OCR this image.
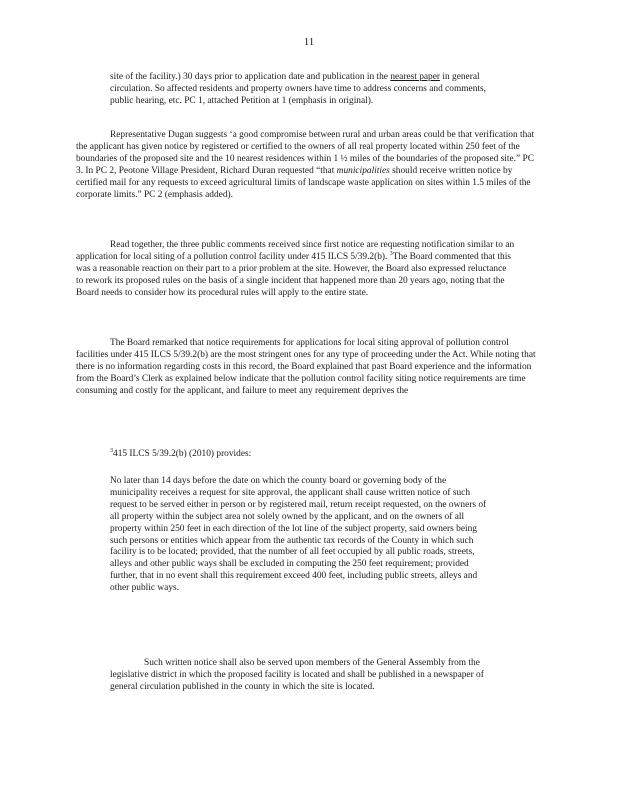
11

site of the facility.) 30 days prior to application date and publication in the nearest paper in general circulation. So affected residents and property owners have time to address concerns and comments, public hearing, etc. PC 1, attached Petition at 1 (emphasis in original).

Representative Dugan suggests ‘a good compromise between rural and urban areas could be that verification that the applicant has given notice by registered or certified to the owners of all real property located within 250 feet of the boundaries of the proposed site and the 10 nearest residences within 1 ½ miles of the boundaries of the proposed site.” PC 3. In PC 2, Peotone Village President, Richard Duran requested “that municipalities should receive written notice by certified mail for any requests to exceed agricultural limits of landscape waste application on sites within 1.5 miles of the corporate limits.” PC 2 (emphasis added).

Read together, the three public comments received since first notice are requesting notification similar to an application for local siting of a pollution control facility under 415 ILCS 5/39.2(b). $^3$The Board commented that this was a reasonable reaction on their part to a prior problem at the site. However, the Board also expressed reluctance to rework its proposed rules on the basis of a single incident that happened more than 20 years ago, noting that the Board needs to consider how its procedural rules will apply to the entire state.

The Board remarked that notice requirements for applications for local siting approval of pollution control facilities under 415 ILCS 5/39.2(b) are the most stringent ones for any type of proceeding under the Act. While noting that there is no information regarding costs in this record, the Board explained that past Board experience and the information from the Board’s Clerk as explained below indicate that the pollution control facility siting notice requirements are time consuming and costly for the applicant, and failure to meet any requirement deprives the

$^3$415 ILCS 5/39.2(b) (2010) provides:

No later than 14 days before the date on which the county board or governing body of the municipality receives a request for site approval, the applicant shall cause written notice of such request to be served either in person or by registered mail, return receipt requested, on the owners of all property within the subject area not solely owned by the applicant, and on the owners of all property within 250 feet in each direction of the lot line of the subject property, said owners being such persons or entities which appear from the authentic tax records of the County in which such facility is to be located; provided, that the number of all feet occupied by all public roads, streets, alleys and other public ways shall be excluded in computing the 250 feet requirement; provided further, that in no event shall this requirement exceed 400 feet, including public streets, alleys and other public ways.

Such written notice shall also be served upon members of the General Assembly from the legislative district in which the proposed facility is located and shall be published in a newspaper of general circulation published in the county in which the site is located.
